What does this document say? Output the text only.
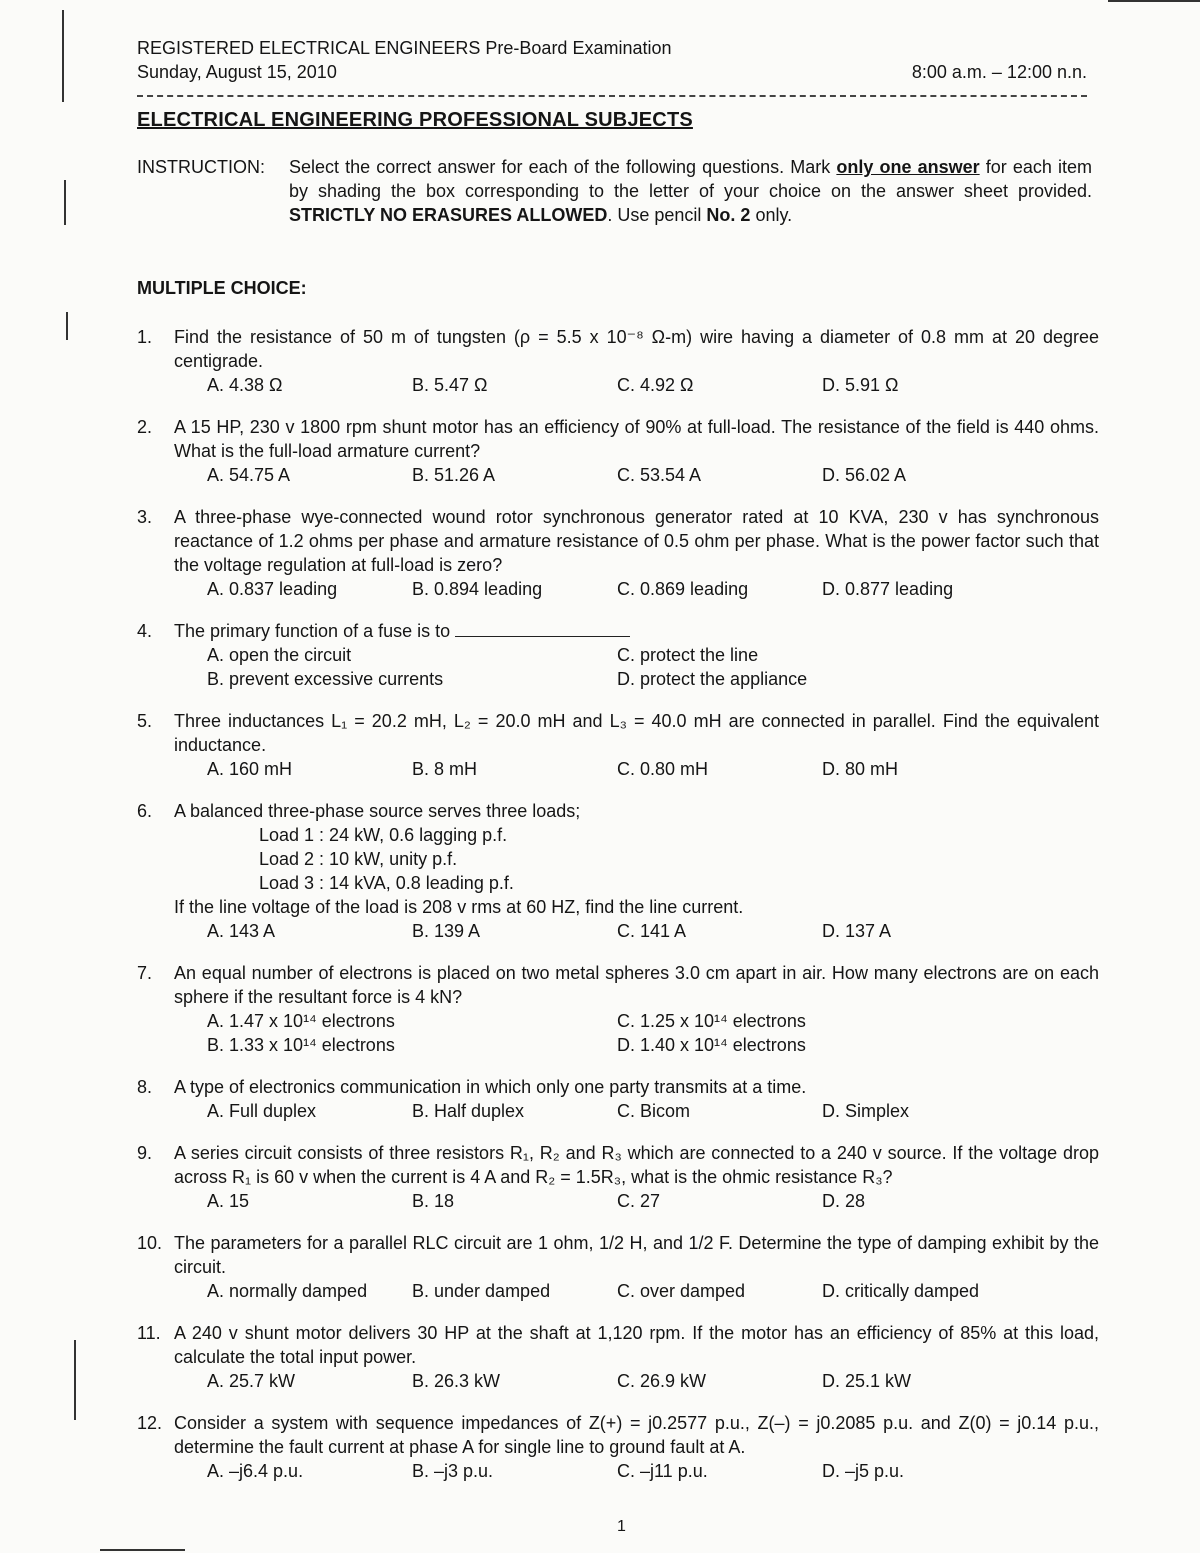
REGISTERED ELECTRICAL ENGINEERS Pre-Board Examination
Sunday, August 15, 2010	8:00 a.m. – 12:00 n.n.
ELECTRICAL ENGINEERING PROFESSIONAL SUBJECTS
INSTRUCTION: Select the correct answer for each of the following questions. Mark only one answer for each item by shading the box corresponding to the letter of your choice on the answer sheet provided. STRICTLY NO ERASURES ALLOWED. Use pencil No. 2 only.
MULTIPLE CHOICE:
1. Find the resistance of 50 m of tungsten (ρ = 5.5 x 10⁻⁸ Ω-m) wire having a diameter of 0.8 mm at 20 degree centigrade.
A. 4.38 Ω	B. 5.47 Ω	C. 4.92 Ω	D. 5.91 Ω
2. A 15 HP, 230 v 1800 rpm shunt motor has an efficiency of 90% at full-load. The resistance of the field is 440 ohms. What is the full-load armature current?
A. 54.75 A	B. 51.26 A	C. 53.54 A	D. 56.02 A
3. A three-phase wye-connected wound rotor synchronous generator rated at 10 KVA, 230 v has synchronous reactance of 1.2 ohms per phase and armature resistance of 0.5 ohm per phase. What is the power factor such that the voltage regulation at full-load is zero?
A. 0.837 leading	B. 0.894 leading	C. 0.869 leading	D. 0.877 leading
4. The primary function of a fuse is to
A. open the circuit	C. protect the line
B. prevent excessive currents	D. protect the appliance
5. Three inductances L₁ = 20.2 mH, L₂ = 20.0 mH and L₃ = 40.0 mH are connected in parallel. Find the equivalent inductance.
A. 160 mH	B. 8 mH	C. 0.80 mH	D. 80 mH
6. A balanced three-phase source serves three loads;
Load 1 : 24 kW, 0.6 lagging p.f.
Load 2 : 10 kW, unity p.f.
Load 3 : 14 kVA, 0.8 leading p.f.
If the line voltage of the load is 208 v rms at 60 HZ, find the line current.
A. 143 A	B. 139 A	C. 141 A	D. 137 A
7. An equal number of electrons is placed on two metal spheres 3.0 cm apart in air. How many electrons are on each sphere if the resultant force is 4 kN?
A. 1.47 x 10¹⁴ electrons	C. 1.25 x 10¹⁴ electrons
B. 1.33 x 10¹⁴ electrons	D. 1.40 x 10¹⁴ electrons
8. A type of electronics communication in which only one party transmits at a time.
A. Full duplex	B. Half duplex	C. Bicom	D. Simplex
9. A series circuit consists of three resistors R₁, R₂ and R₃ which are connected to a 240 v source. If the voltage drop across R₁ is 60 v when the current is 4 A and R₂ = 1.5R₃, what is the ohmic resistance R₃?
A. 15	B. 18	C. 27	D. 28
10. The parameters for a parallel RLC circuit are 1 ohm, 1/2 H, and 1/2 F. Determine the type of damping exhibit by the circuit.
A. normally damped	B. under damped	C. over damped	D. critically damped
11. A 240 v shunt motor delivers 30 HP at the shaft at 1,120 rpm. If the motor has an efficiency of 85% at this load, calculate the total input power.
A. 25.7 kW	B. 26.3 kW	C. 26.9 kW	D. 25.1 kW
12. Consider a system with sequence impedances of Z(+) = j0.2577 p.u., Z(–) = j0.2085 p.u. and Z(0) = j0.14 p.u., determine the fault current at phase A for single line to ground fault at A.
A. –j6.4 p.u.	B. –j3 p.u.	C. –j11 p.u.	D. –j5 p.u.
1
